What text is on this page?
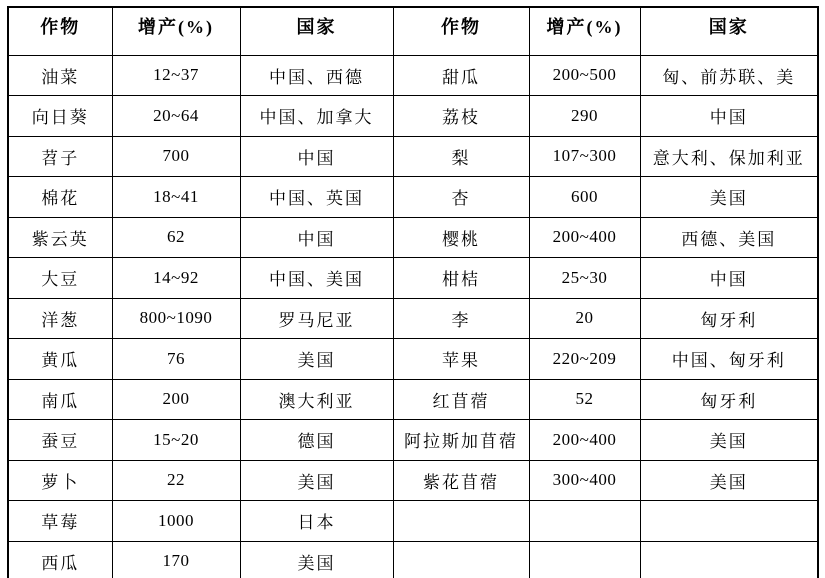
作物	增产(%)	国家	作物	增产(%)	国家
油菜	12~37	中国、西德	甜瓜	200~500	匈、前苏联、美
向日葵	20~64	中国、加拿大	荔枝	290	中国
苕子	700	中国	梨	107~300	意大利、保加利亚
棉花	18~41	中国、英国	杏	600	美国
紫云英	62	中国	樱桃	200~400	西德、美国
大豆	14~92	中国、美国	柑桔	25~30	中国
洋葱	800~1090	罗马尼亚	李	20	匈牙利
黄瓜	76	美国	苹果	220~209	中国、匈牙利
南瓜	200	澳大利亚	红苜蓿	52	匈牙利
蚕豆	15~20	德国	阿拉斯加苜蓿	200~400	美国
萝卜	22	美国	紫花苜蓿	300~400	美国
草莓	1000	日本			
西瓜	170	美国			
